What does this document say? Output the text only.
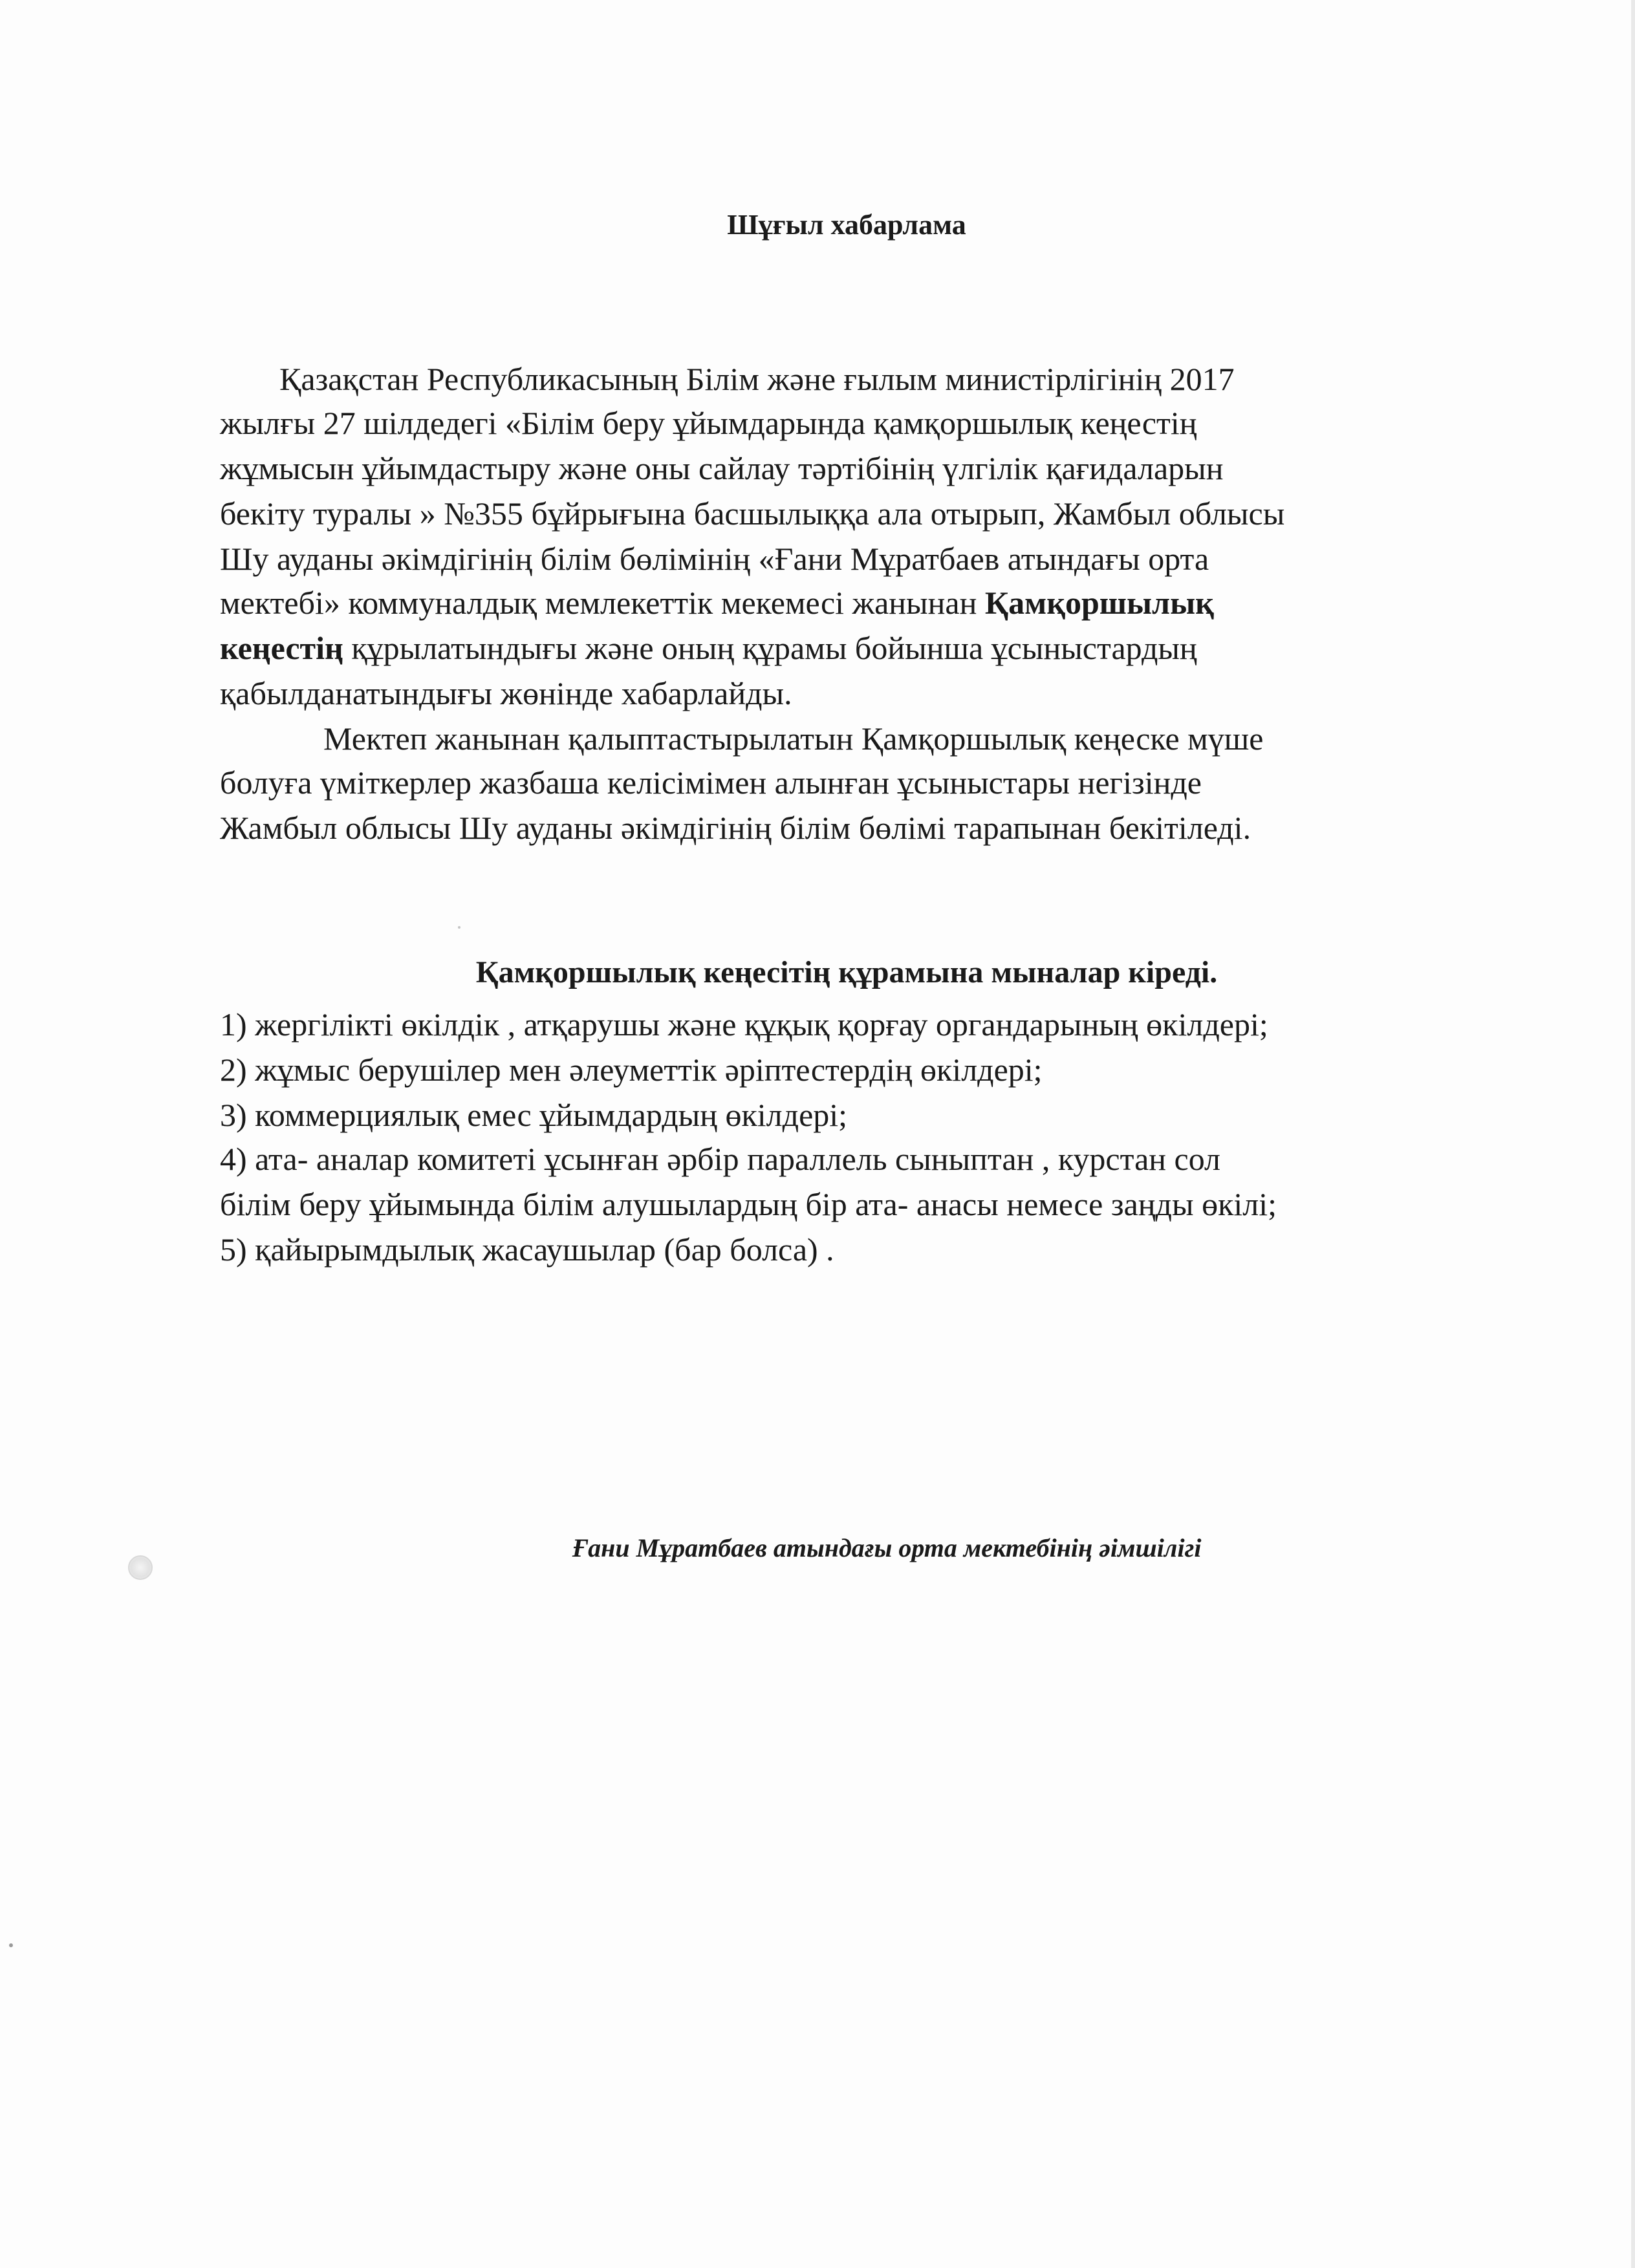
Шұғыл хабарлама
Қазақстан Республикасының Білім және ғылым министірлігінің 2017
жылғы 27 шілдедегі «Білім беру ұйымдарында қамқоршылық кеңестің
жұмысын ұйымдастыру және оны сайлау тәртібінің үлгілік қағидаларын
бекіту туралы » №355 бұйрығына басшылыққа ала отырып, Жамбыл облысы
Шу ауданы әкімдігінің білім бөлімінің «Ғани Мұратбаев атындағы орта
мектебі» коммуналдық мемлекеттік мекемесі жанынан Қамқоршылық
кеңестің құрылатындығы және оның құрамы бойынша ұсыныстардың
қабылданатындығы жөнінде хабарлайды.
Мектеп жанынан қалыптастырылатын Қамқоршылық кеңеске мүше
болуға үміткерлер жазбаша келісімімен алынған ұсыныстары негізінде
Жамбыл облысы Шу ауданы әкімдігінің білім бөлімі тарапынан бекітіледі.
Қамқоршылық кеңесітің құрамына мыналар кіреді.
1) жергілікті өкілдік , атқарушы және құқық қорғау органдарының өкілдері;
2) жұмыс берушілер мен әлеуметтік әріптестердің өкілдері;
3) коммерциялық емес ұйымдардың өкілдері;
4) ата- аналар комитеті ұсынған әрбір параллель сыныптан , курстан сол
білім беру ұйымында білім алушылардың бір ата- анасы немесе заңды өкілі;
5) қайырымдылық жасаушылар (бар болса) .
Ғани Мұратбаев атындағы орта мектебінің әімшілігі
